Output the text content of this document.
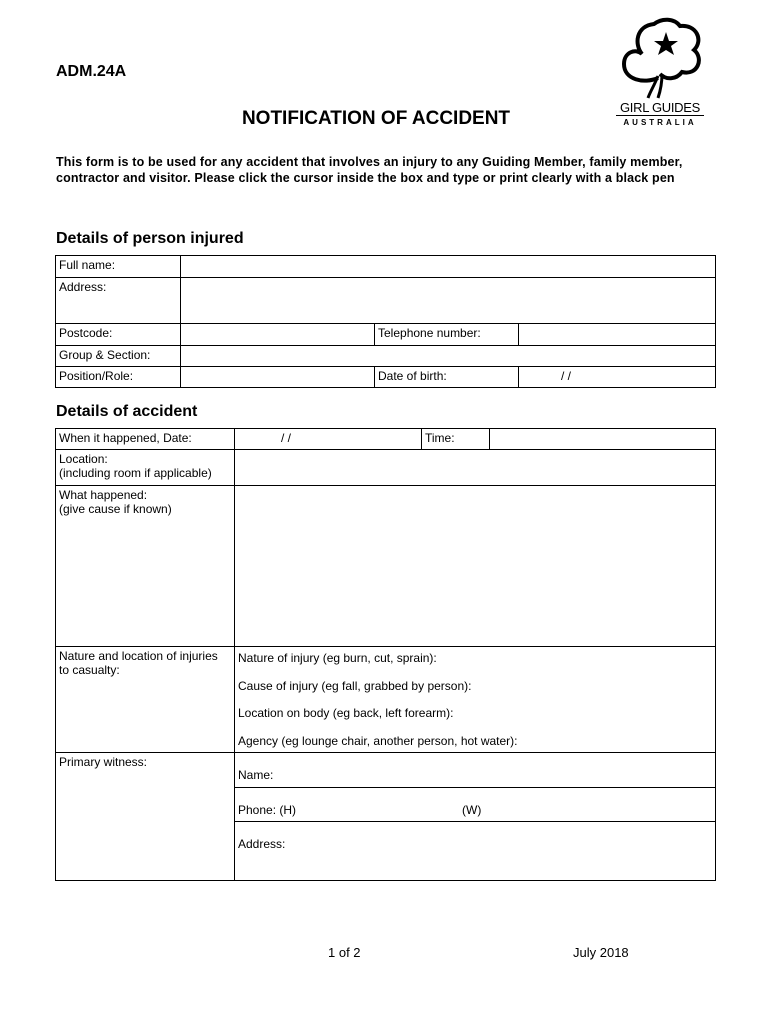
GIRL GUIDES
AUSTRALIA
ADM.24A
NOTIFICATION OF ACCIDENT
This form is to be used for any accident that involves an injury to any Guiding Member, family member, contractor and visitor. Please click the cursor inside the box and type or print clearly with a black pen
Details of person injured
Full name:
Address:
Postcode:	Telephone number:
Group & Section:
Position/Role:	Date of birth:	/ /
Details of accident
When it happened, Date:	/ /	Time:
Location:
(including room if applicable)
What happened:
(give cause if known)
Nature and location of injuries
to casualty:
Nature of injury (eg burn, cut, sprain):
Cause of injury (eg fall, grabbed by person):
Location on body (eg back, left forearm):
Agency (eg lounge chair, another person, hot water):
Primary witness:
Name:
Phone: (H)	(W)
Address:
1 of 2	July 2018
